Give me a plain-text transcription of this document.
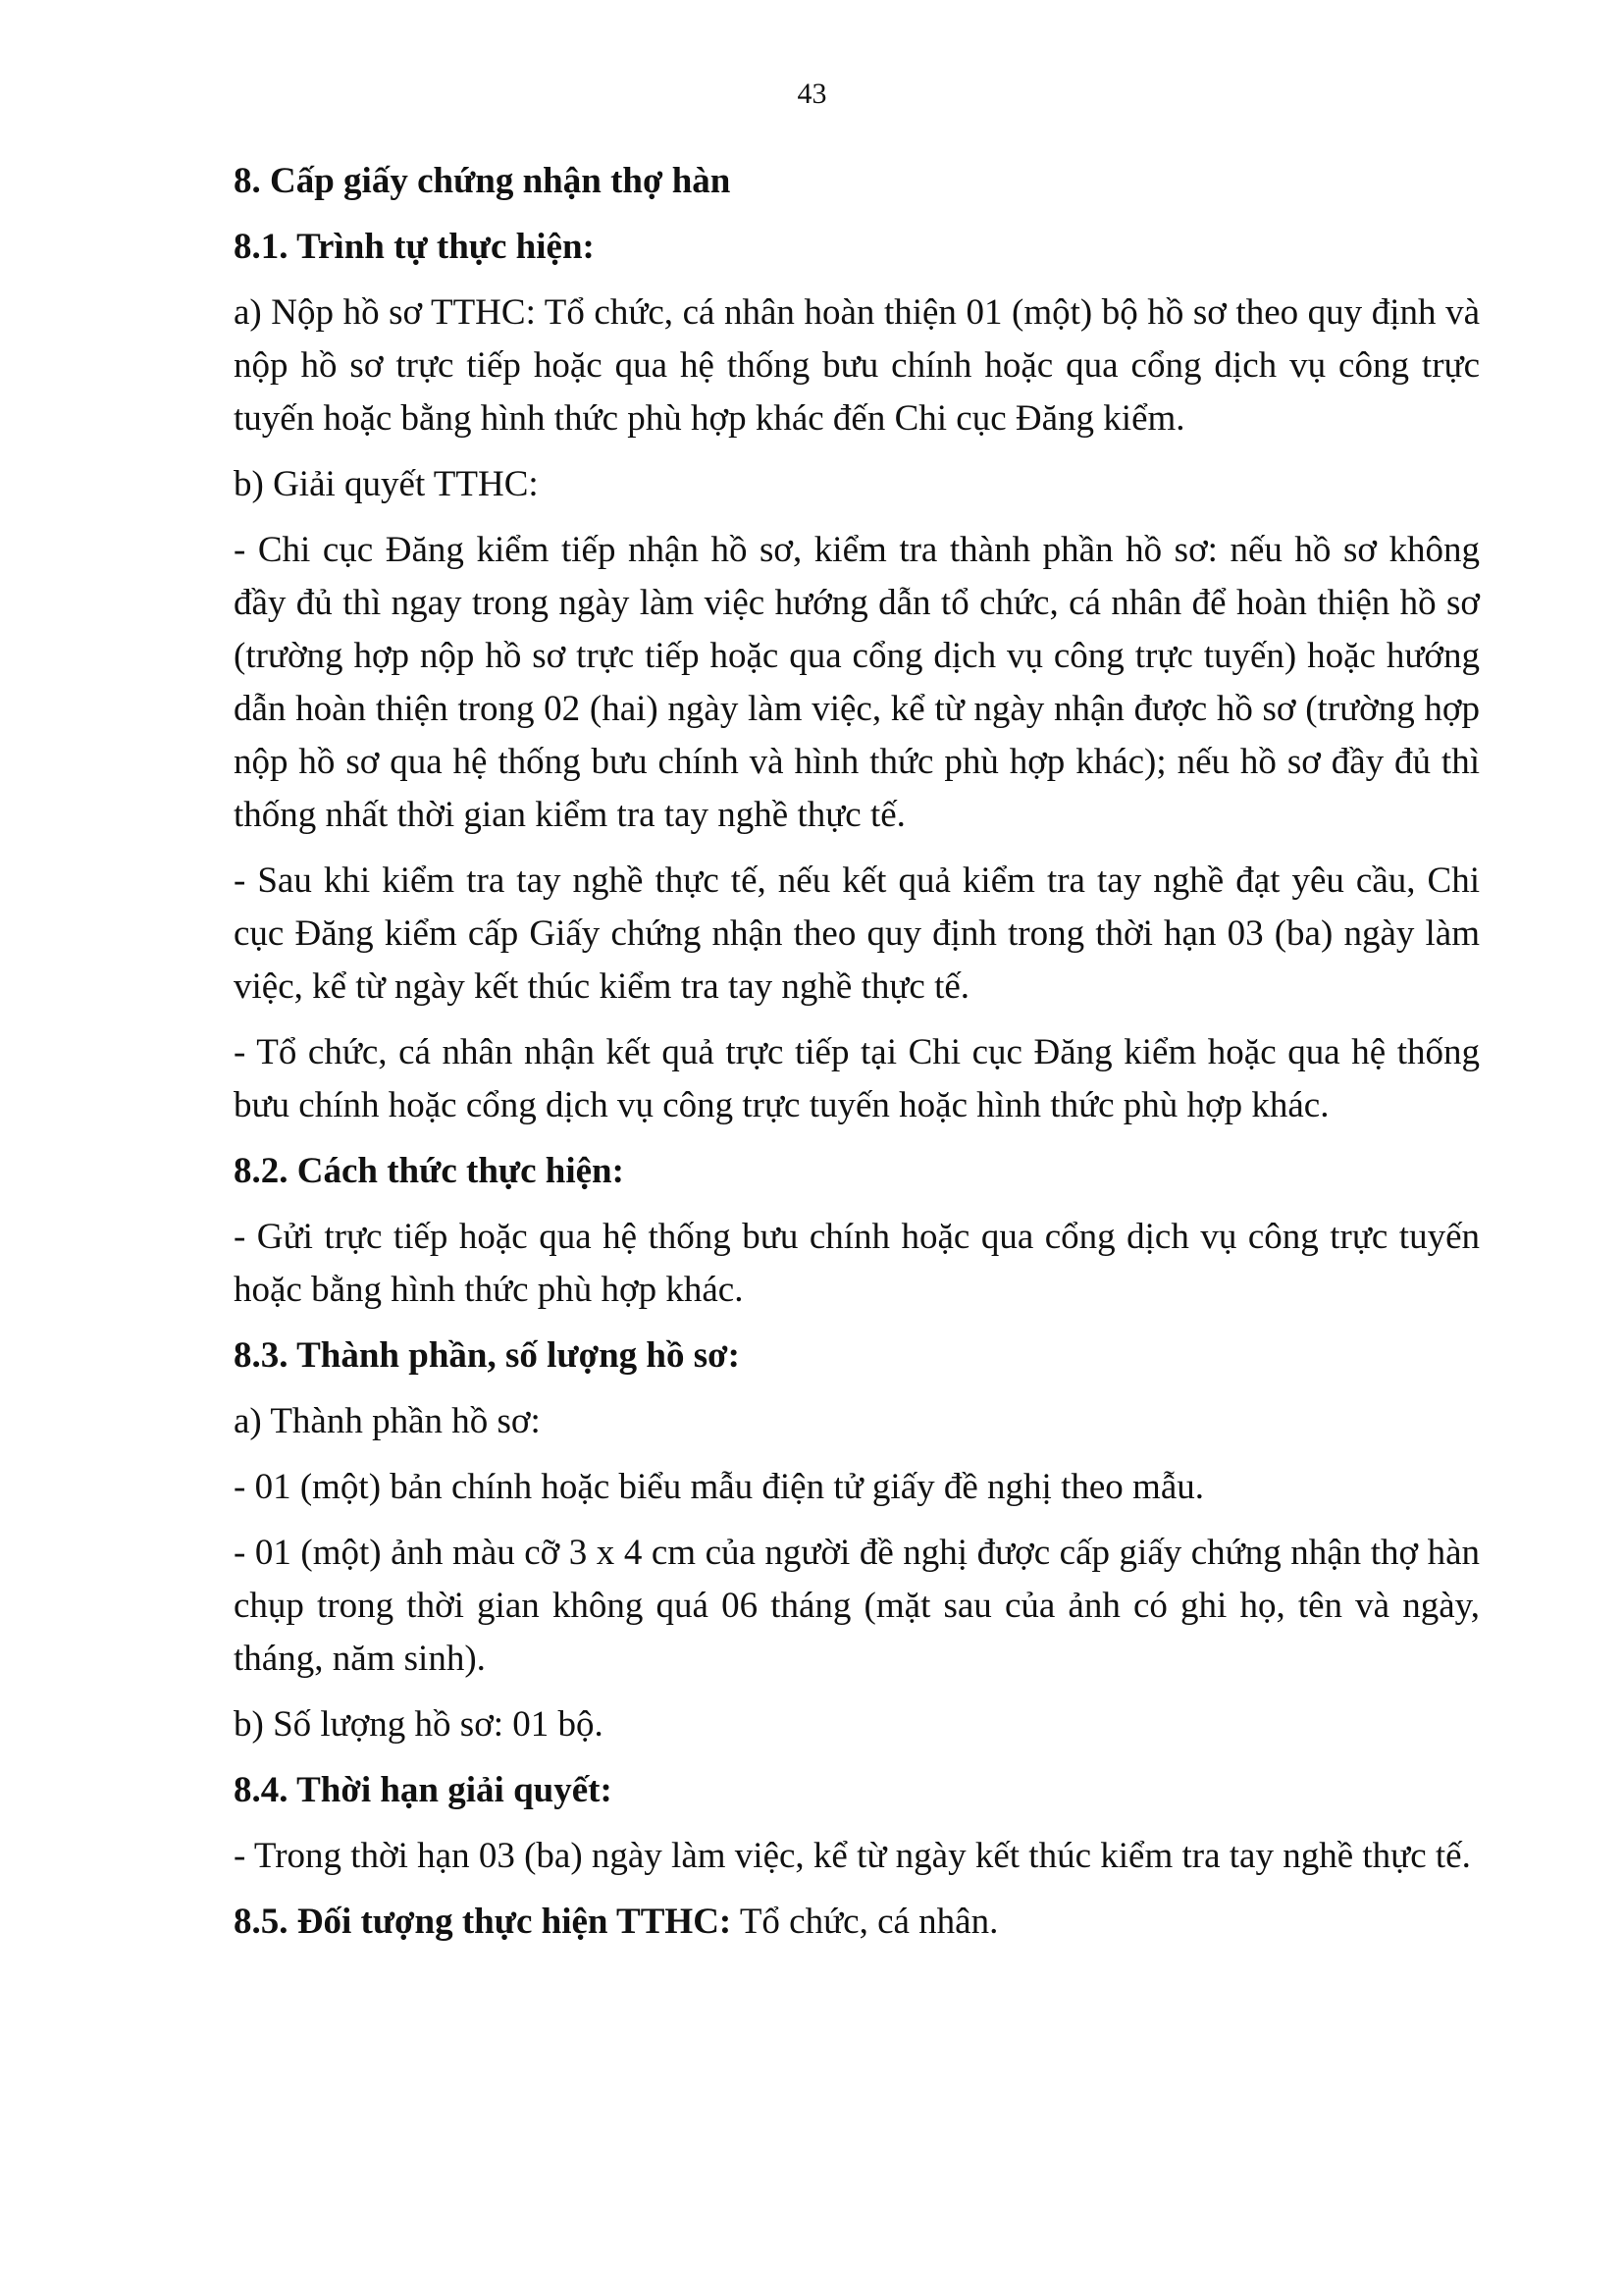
43
8. Cấp giấy chứng nhận thợ hàn
8.1. Trình tự thực hiện:
a) Nộp hồ sơ TTHC: Tổ chức, cá nhân hoàn thiện 01 (một) bộ hồ sơ theo quy định và nộp hồ sơ trực tiếp hoặc qua hệ thống bưu chính hoặc qua cổng dịch vụ công trực tuyến hoặc bằng hình thức phù hợp khác đến Chi cục Đăng kiểm.
b) Giải quyết TTHC:
- Chi cục Đăng kiểm tiếp nhận hồ sơ, kiểm tra thành phần hồ sơ: nếu hồ sơ không đầy đủ thì ngay trong ngày làm việc hướng dẫn tổ chức, cá nhân để hoàn thiện hồ sơ (trường hợp nộp hồ sơ trực tiếp hoặc qua cổng dịch vụ công trực tuyến) hoặc hướng dẫn hoàn thiện trong 02 (hai) ngày làm việc, kể từ ngày nhận được hồ sơ (trường hợp nộp hồ sơ qua hệ thống bưu chính và hình thức phù hợp khác); nếu hồ sơ đầy đủ thì thống nhất thời gian kiểm tra tay nghề thực tế.
- Sau khi kiểm tra tay nghề thực tế, nếu kết quả kiểm tra tay nghề đạt yêu cầu, Chi cục Đăng kiểm cấp Giấy chứng nhận theo quy định trong thời hạn 03 (ba) ngày làm việc, kể từ ngày kết thúc kiểm tra tay nghề thực tế.
- Tổ chức, cá nhân nhận kết quả trực tiếp tại Chi cục Đăng kiểm hoặc qua hệ thống bưu chính hoặc cổng dịch vụ công trực tuyến hoặc hình thức phù hợp khác.
8.2. Cách thức thực hiện:
- Gửi trực tiếp hoặc qua hệ thống bưu chính hoặc qua cổng dịch vụ công trực tuyến hoặc bằng hình thức phù hợp khác.
8.3. Thành phần, số lượng hồ sơ:
a) Thành phần hồ sơ:
- 01 (một) bản chính hoặc biểu mẫu điện tử giấy đề nghị theo mẫu.
- 01 (một) ảnh màu cỡ 3 x 4 cm của người đề nghị được cấp giấy chứng nhận thợ hàn chụp trong thời gian không quá 06 tháng (mặt sau của ảnh có ghi họ, tên và ngày, tháng, năm sinh).
b) Số lượng hồ sơ: 01 bộ.
8.4. Thời hạn giải quyết:
- Trong thời hạn 03 (ba) ngày làm việc, kể từ ngày kết thúc kiểm tra tay nghề thực tế.
8.5. Đối tượng thực hiện TTHC: Tổ chức, cá nhân.
